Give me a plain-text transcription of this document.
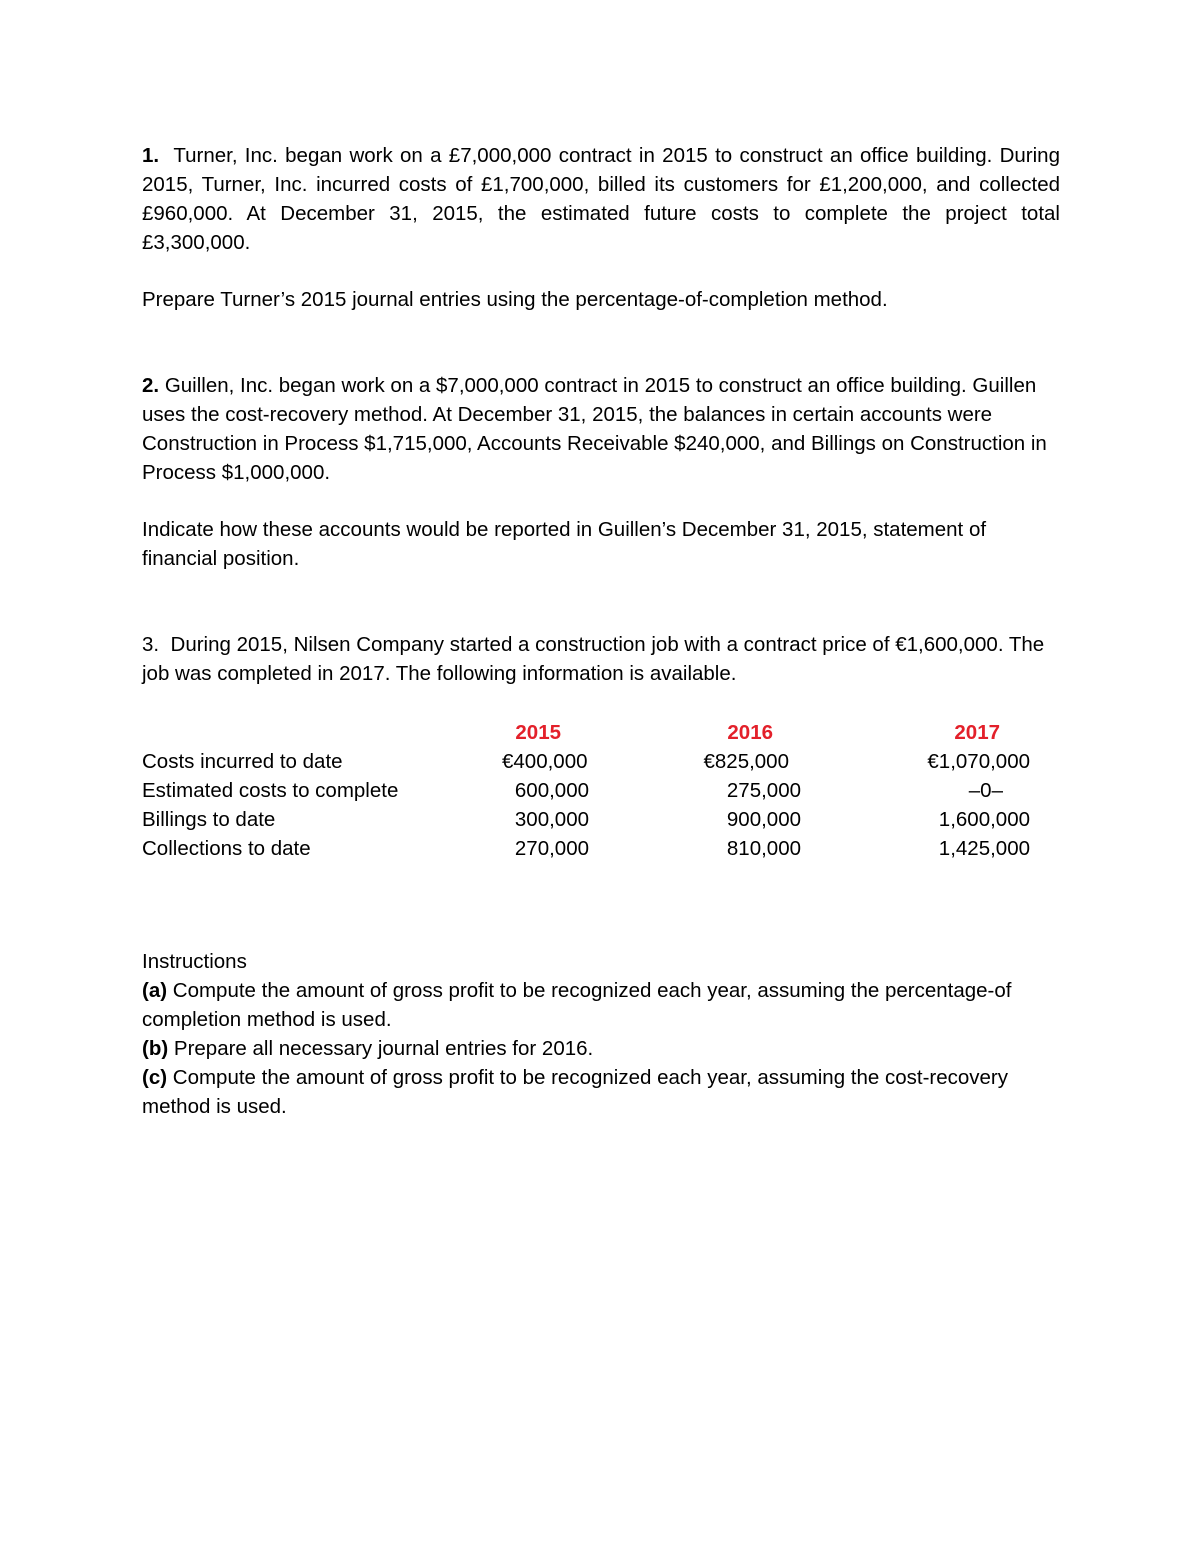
1. Turner, Inc. began work on a £7,000,000 contract in 2015 to construct an office building. During 2015, Turner, Inc. incurred costs of £1,700,000, billed its customers for £1,200,000, and collected £960,000. At December 31, 2015, the estimated future costs to complete the project total £3,300,000.

Prepare Turner’s 2015 journal entries using the percentage-of-completion method.

2. Guillen, Inc. began work on a $7,000,000 contract in 2015 to construct an office building. Guillen uses the cost-recovery method. At December 31, 2015, the balances in certain accounts were Construction in Process $1,715,000, Accounts Receivable $240,000, and Billings on Construction in Process $1,000,000.

Indicate how these accounts would be reported in Guillen’s December 31, 2015, statement of financial position.

3. During 2015, Nilsen Company started a construction job with a contract price of €1,600,000. The job was completed in 2017. The following information is available.

	2015	2016	2017
Costs incurred to date	€400,000	€825,000	€1,070,000
Estimated costs to complete	600,000	275,000	–0–
Billings to date	300,000	900,000	1,600,000
Collections to date	270,000	810,000	1,425,000

Instructions

(a) Compute the amount of gross profit to be recognized each year, assuming the percentage-of completion method is used.

(b) Prepare all necessary journal entries for 2016.

(c) Compute the amount of gross profit to be recognized each year, assuming the cost-recovery method is used.
